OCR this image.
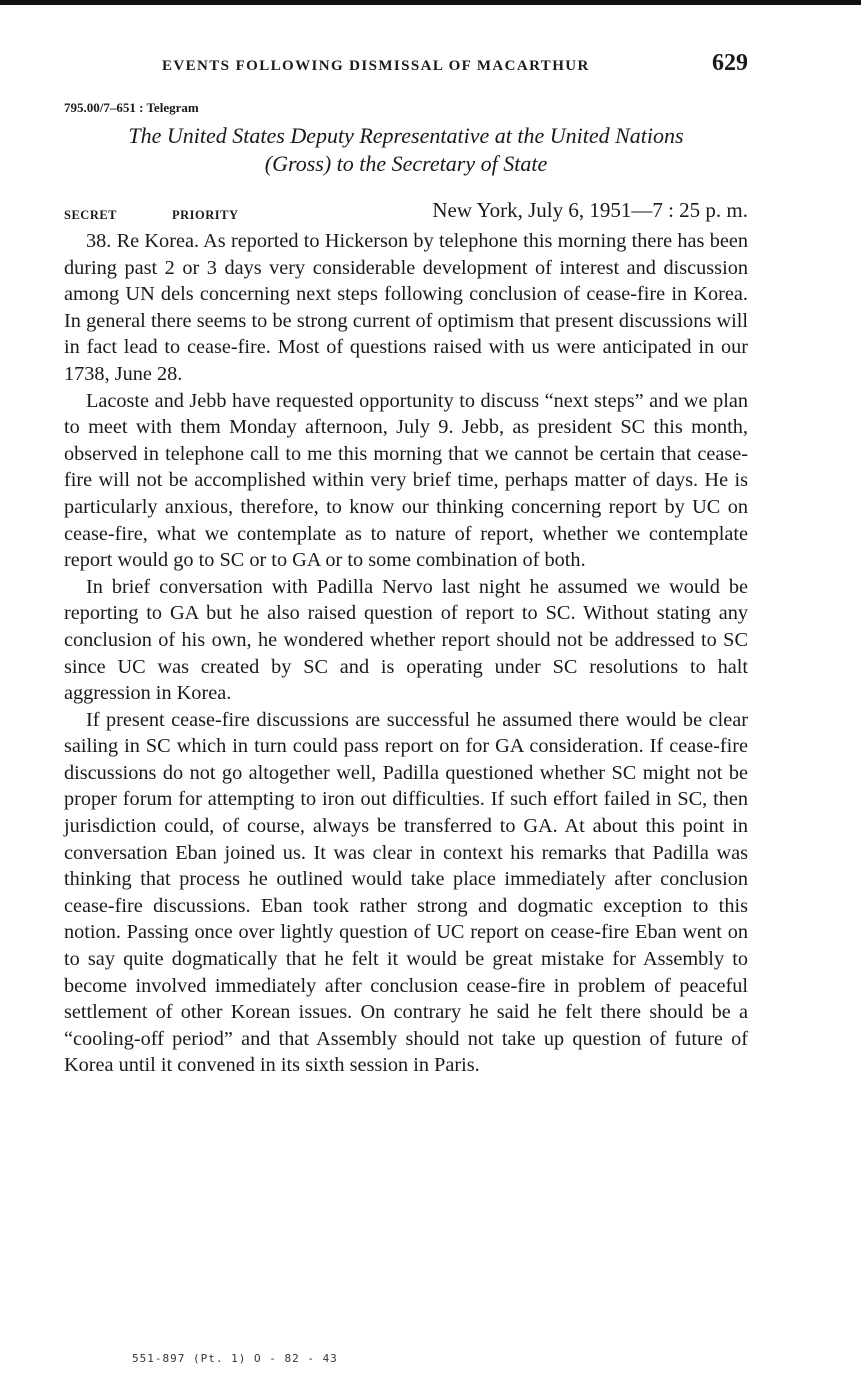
EVENTS FOLLOWING DISMISSAL OF MACARTHUR	629
795.00/7–651 : Telegram
The United States Deputy Representative at the United Nations
(Gross) to the Secretary of State
SECRET	PRIORITY	New York, July 6, 1951—7 : 25 p. m.

38. Re Korea. As reported to Hickerson by telephone this morning there has been during past 2 or 3 days very considerable development of interest and discussion among UN dels concerning next steps following conclusion of cease-fire in Korea. In general there seems to be strong current of optimism that present discussions will in fact lead to cease-fire. Most of questions raised with us were anticipated in our 1738, June 28.

Lacoste and Jebb have requested opportunity to discuss “next steps” and we plan to meet with them Monday afternoon, July 9. Jebb, as president SC this month, observed in telephone call to me this morning that we cannot be certain that cease-fire will not be accomplished within very brief time, perhaps matter of days. He is particularly anxious, therefore, to know our thinking concerning report by UC on cease-fire, what we contemplate as to nature of report, whether we contemplate report would go to SC or to GA or to some combination of both.

In brief conversation with Padilla Nervo last night he assumed we would be reporting to GA but he also raised question of report to SC. Without stating any conclusion of his own, he wondered whether report should not be addressed to SC since UC was created by SC and is operating under SC resolutions to halt aggression in Korea.

If present cease-fire discussions are successful he assumed there would be clear sailing in SC which in turn could pass report on for GA consideration. If cease-fire discussions do not go altogether well, Padilla questioned whether SC might not be proper forum for attempting to iron out difficulties. If such effort failed in SC, then jurisdiction could, of course, always be transferred to GA. At about this point in conversation Eban joined us. It was clear in context his remarks that Padilla was thinking that process he outlined would take place immediately after conclusion cease-fire discussions. Eban took rather strong and dogmatic exception to this notion. Passing once over lightly question of UC report on cease-fire Eban went on to say quite dogmatically that he felt it would be great mistake for Assembly to become involved immediately after conclusion cease-fire in problem of peaceful settlement of other Korean issues. On contrary he said he felt there should be a “cooling-off period” and that Assembly should not take up question of future of Korea until it convened in its sixth session in Paris.

551-897 (Pt. 1) O - 82 - 43
